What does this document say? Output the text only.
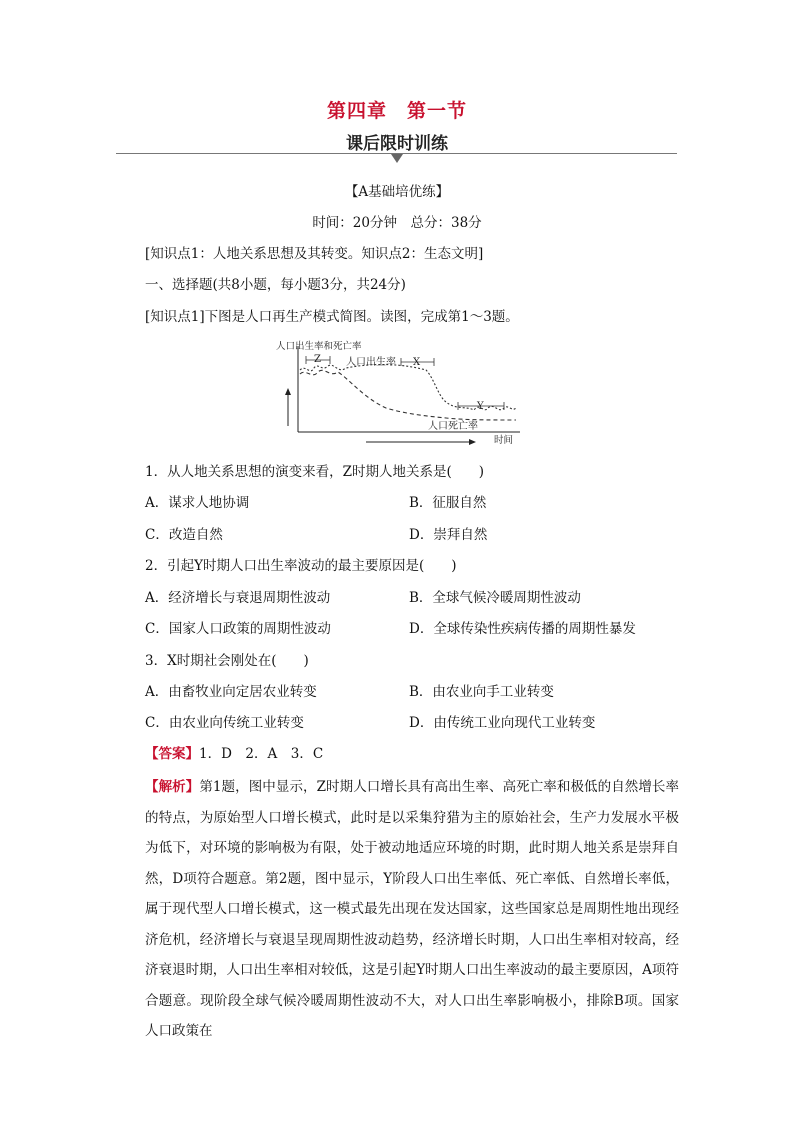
第四章　第一节
课后限时训练
【A基础培优练】
时间：20分钟　总分：38分
[知识点1：人地关系思想及其转变。知识点2：生态文明]
一、选择题(共8小题，每小题3分，共24分)
[知识点1]下图是人口再生产模式简图。读图，完成第1～3题。
人口出生率和死亡率
Z	人口出生率 X
Y
人口死亡率
时间
1．从人地关系思想的演变来看，Z时期人地关系是(　　)
A．谋求人地协调	B．征服自然
C．改造自然	D．崇拜自然
2．引起Y时期人口出生率波动的最主要原因是(　　)
A．经济增长与衰退周期性波动	B．全球气候冷暖周期性波动
C．国家人口政策的周期性波动	D．全球传染性疾病传播的周期性暴发
3．X时期社会刚处在(　　)
A．由畜牧业向定居农业转变	B．由农业向手工业转变
C．由农业向传统工业转变	D．由传统工业向现代工业转变
【答案】1．D　2．A　3．C
【解析】第1题，图中显示，Z时期人口增长具有高出生率、高死亡率和极低的自然增长率的特点，为原始型人口增长模式，此时是以采集狩猎为主的原始社会，生产力发展水平极为低下，对环境的影响极为有限，处于被动地适应环境的时期，此时期人地关系是崇拜自然，D项符合题意。第2题，图中显示，Y阶段人口出生率低、死亡率低、自然增长率低，属于现代型人口增长模式，这一模式最先出现在发达国家，这些国家总是周期性地出现经济危机，经济增长与衰退呈现周期性波动趋势，经济增长时期，人口出生率相对较高，经济衰退时期，人口出生率相对较低，这是引起Y时期人口出生率波动的最主要原因，A项符合题意。现阶段全球气候冷暖周期性波动不大，对人口出生率影响极小，排除B项。国家人口政策在
